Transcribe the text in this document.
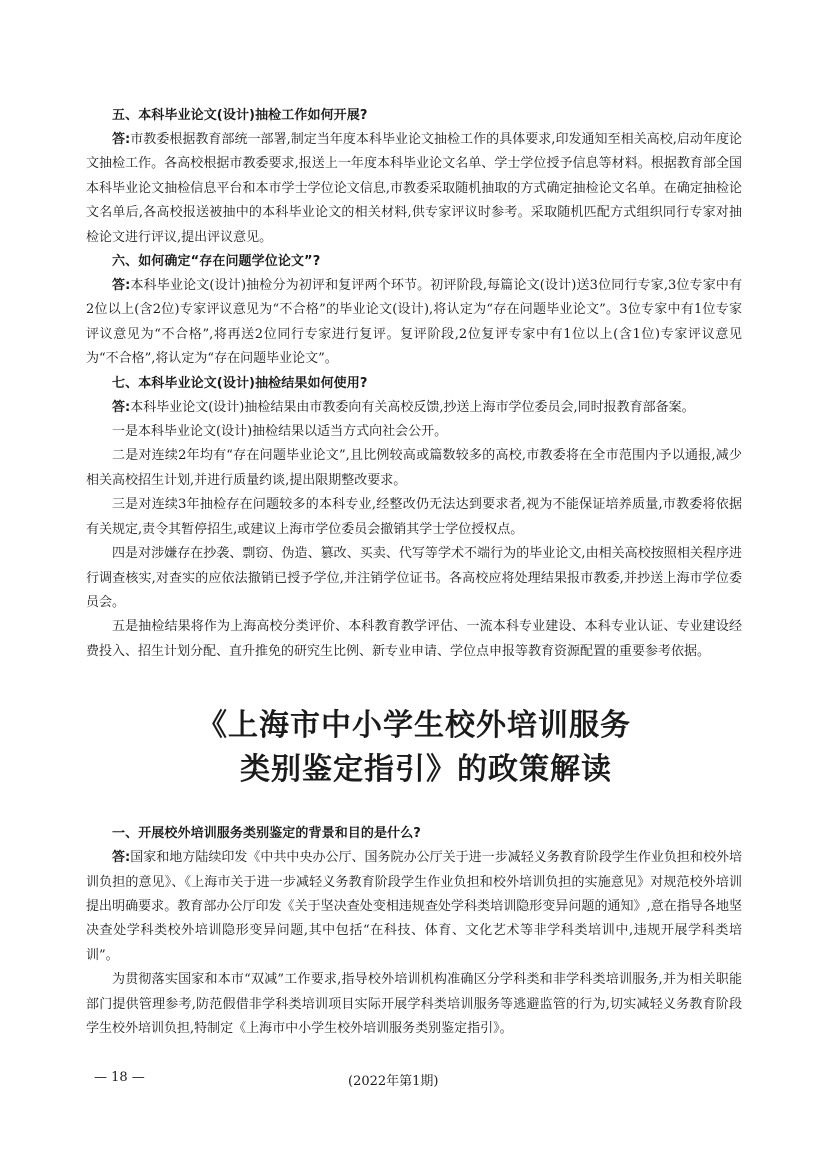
五、本科毕业论文(设计)抽检工作如何开展?

答:市教委根据教育部统一部署,制定当年度本科毕业论文抽检工作的具体要求,印发通知至相关高校,启动年度论文抽检工作。各高校根据市教委要求,报送上一年度本科毕业论文名单、学士学位授予信息等材料。根据教育部全国本科毕业论文抽检信息平台和本市学士学位论文信息,市教委采取随机抽取的方式确定抽检论文名单。在确定抽检论文名单后,各高校报送被抽中的本科毕业论文的相关材料,供专家评议时参考。采取随机匹配方式组织同行专家对抽检论文进行评议,提出评议意见。

六、如何确定“存在问题学位论文”?

答:本科毕业论文(设计)抽检分为初评和复评两个环节。初评阶段,每篇论文(设计)送3位同行专家,3位专家中有2位以上(含2位)专家评议意见为“不合格”的毕业论文(设计),将认定为“存在问题毕业论文”。3位专家中有1位专家评议意见为“不合格”,将再送2位同行专家进行复评。复评阶段,2位复评专家中有1位以上(含1位)专家评议意见为“不合格”,将认定为“存在问题毕业论文”。

七、本科毕业论文(设计)抽检结果如何使用?

答:本科毕业论文(设计)抽检结果由市教委向有关高校反馈,抄送上海市学位委员会,同时报教育部备案。

一是本科毕业论文(设计)抽检结果以适当方式向社会公开。

二是对连续2年均有“存在问题毕业论文”,且比例较高或篇数较多的高校,市教委将在全市范围内予以通报,减少相关高校招生计划,并进行质量约谈,提出限期整改要求。

三是对连续3年抽检存在问题较多的本科专业,经整改仍无法达到要求者,视为不能保证培养质量,市教委将依据有关规定,责令其暂停招生,或建议上海市学位委员会撤销其学士学位授权点。

四是对涉嫌存在抄袭、剽窃、伪造、篡改、买卖、代写等学术不端行为的毕业论文,由相关高校按照相关程序进行调查核实,对查实的应依法撤销已授予学位,并注销学位证书。各高校应将处理结果报市教委,并抄送上海市学位委员会。

五是抽检结果将作为上海高校分类评价、本科教育教学评估、一流本科专业建设、本科专业认证、专业建设经费投入、招生计划分配、直升推免的研究生比例、新专业申请、学位点申报等教育资源配置的重要参考依据。

《上海市中小学生校外培训服务
类别鉴定指引》的政策解读

一、开展校外培训服务类别鉴定的背景和目的是什么?

答:国家和地方陆续印发《中共中央办公厅、国务院办公厅关于进一步减轻义务教育阶段学生作业负担和校外培训负担的意见》、《上海市关于进一步减轻义务教育阶段学生作业负担和校外培训负担的实施意见》对规范校外培训提出明确要求。教育部办公厅印发《关于坚决查处变相违规查处学科类培训隐形变异问题的通知》,意在指导各地坚决查处学科类校外培训隐形变异问题,其中包括“在科技、体育、文化艺术等非学科类培训中,违规开展学科类培训”。

为贯彻落实国家和本市“双减”工作要求,指导校外培训机构准确区分学科类和非学科类培训服务,并为相关职能部门提供管理参考,防范假借非学科类培训项目实际开展学科类培训服务等逃避监管的行为,切实减轻义务教育阶段学生校外培训负担,特制定《上海市中小学生校外培训服务类别鉴定指引》。

— 18 —	(2022年第1期)
